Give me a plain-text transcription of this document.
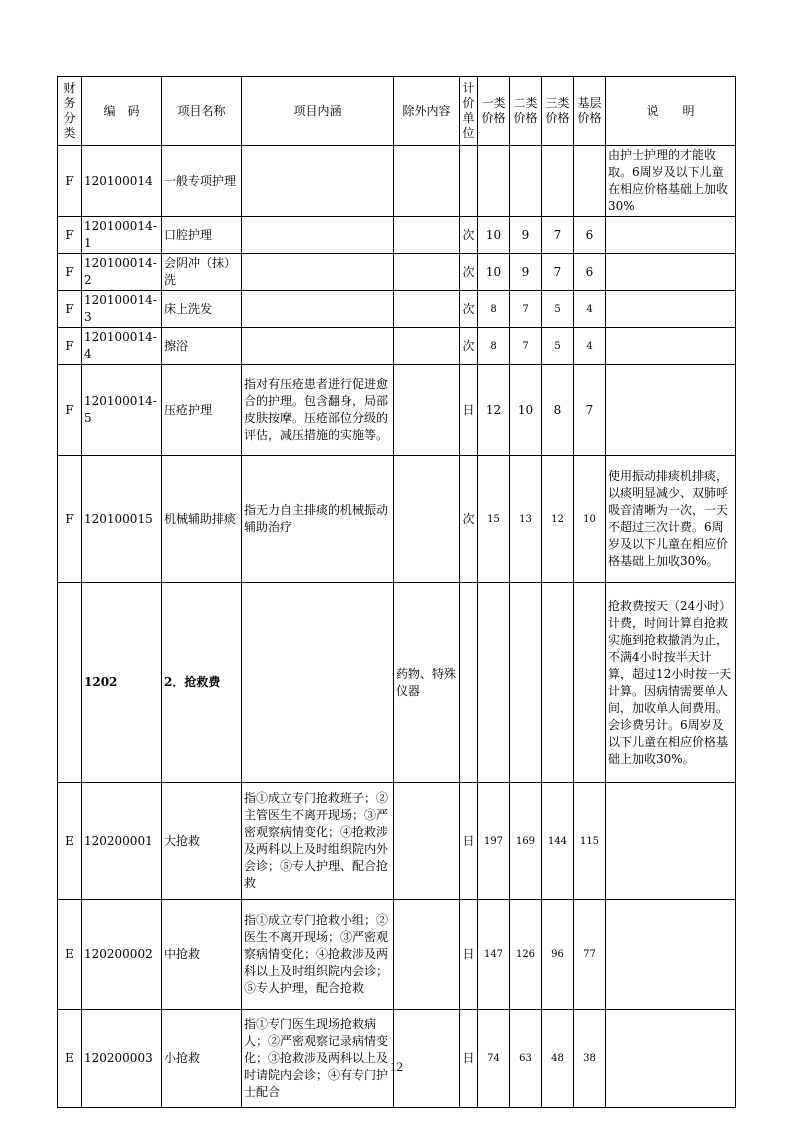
财务分类	编　码	项目名称	项目内涵	除外内容	计价单位	一类价格	二类价格	三类价格	基层价格	说　　明
F	120100014	一般专项护理								由护士护理的才能收取。6周岁及以下儿童在相应价格基础上加收30%
F	120100014-1	口腔护理			次	10	9	7	6	
F	120100014-2	会阴冲（抹）洗			次	10	9	7	6	
F	120100014-3	床上洗发			次	8	7	5	4	
F	120100014-4	擦浴			次	8	7	5	4	
F	120100014-5	压疮护理	指对有压疮患者进行促进愈合的护理。包含翻身，局部皮肤按摩。压疮部位分级的评估，减压措施的实施等。		日	12	10	8	7	
F	120100015	机械辅助排痰	指无力自主排痰的机械振动辅助治疗		次	15	13	12	10	使用振动排痰机排痰，以痰明显减少、双肺呼吸音清晰为一次，一天不超过三次计费。6周岁及以下儿童在相应价格基础上加收30%。
	1202	2．抢救费		药物、特殊仪器						抢救费按天（24小时）计费，时间计算自抢救实施到抢救撤消为止，不满4小时按半天计算，超过12小时按一天计算。因病情需要单人间，加收单人间费用。会诊费另计。6周岁及以下儿童在相应价格基础上加收30%。
E	120200001	大抢救	指①成立专门抢救班子；②主管医生不离开现场；③严密观察病情变化；④抢救涉及两科以上及时组织院内外会诊；⑤专人护理、配合抢救		日	197	169	144	115	
E	120200002	中抢救	指①成立专门抢救小组；②医生不离开现场；③严密观察病情变化；④抢救涉及两科以上及时组织院内会诊；⑤专人护理，配合抢救		日	147	126	96	77	
E	120200003	小抢救	指①专门医生现场抢救病人；②严密观察记录病情变化；③抢救涉及两科以上及时请院内会诊；④有专门护士配合		日	74	63	48	38	
12
